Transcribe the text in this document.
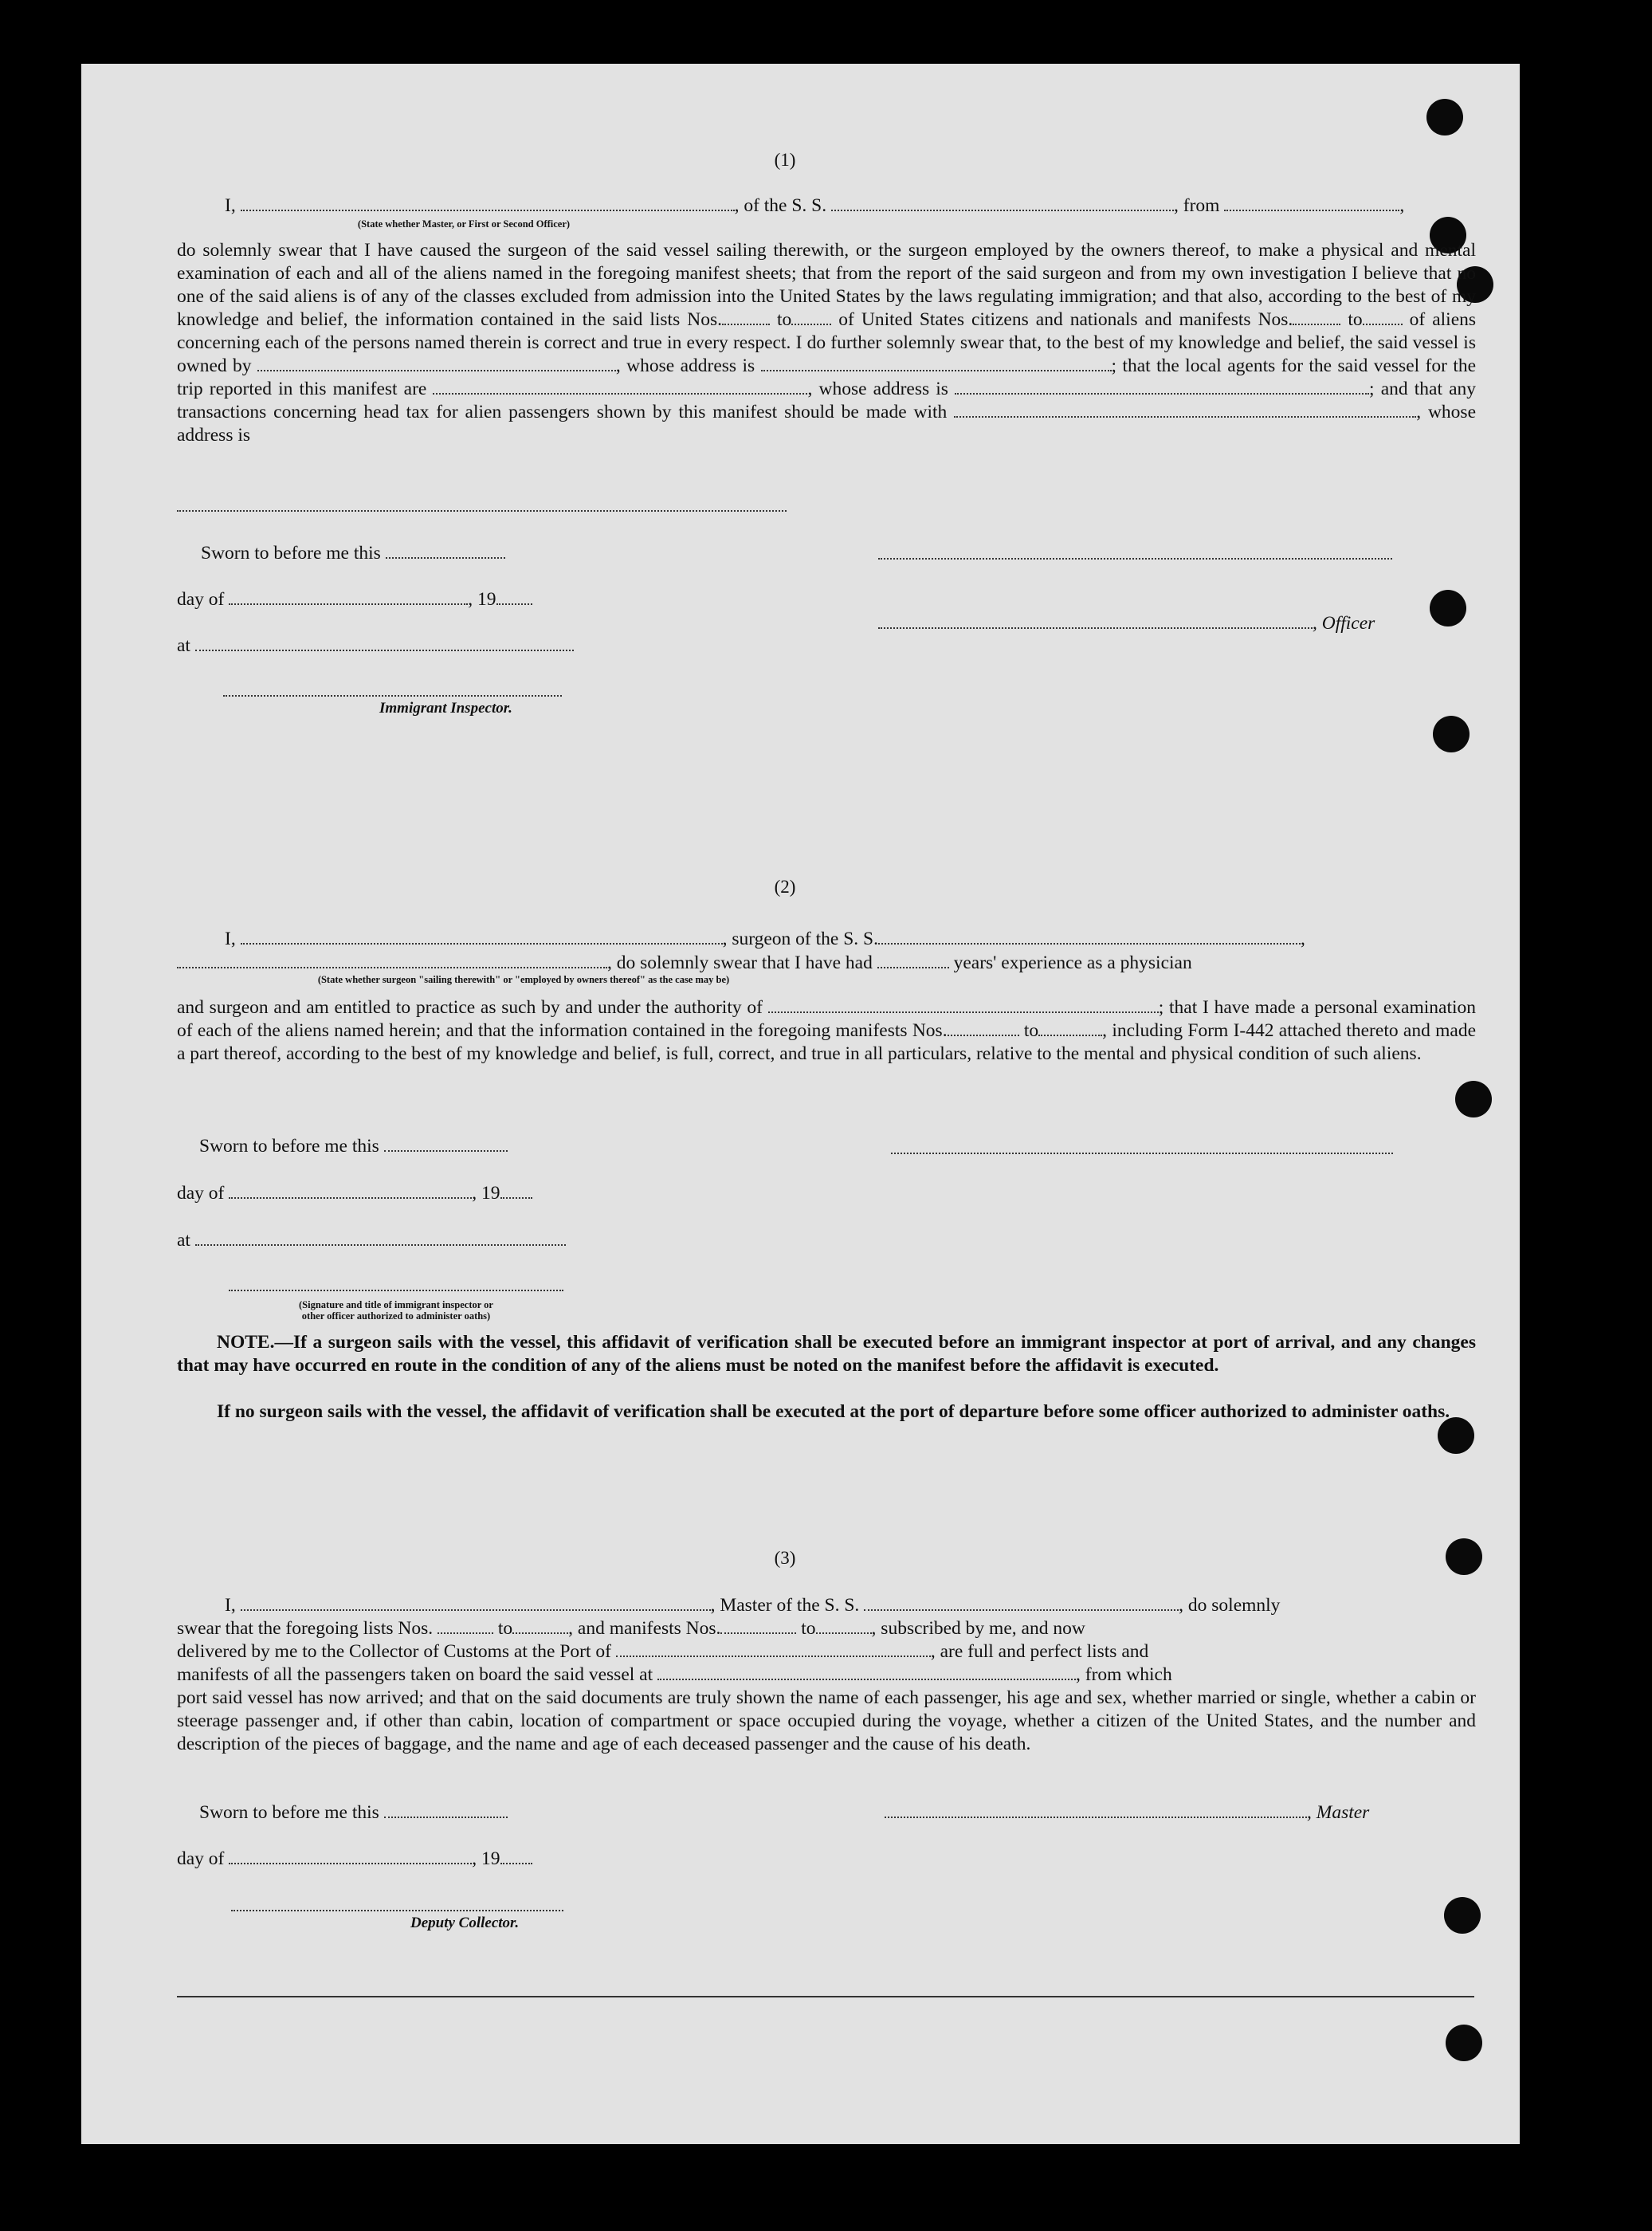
(1)
I,	, of the S. S.	, from	,
(State whether Master, or First or Second Officer)
do solemnly swear that I have caused the surgeon of the said vessel sailing therewith, or the surgeon employed by the owners thereof, to make a physical and mental examination of each and all of the aliens named in the foregoing manifest sheets; that from the report of the said surgeon and from my own investigation I believe that no one of the said aliens is of any of the classes excluded from admission into the United States by the laws regulating immigration; and that also, according to the best of my knowledge and belief, the information contained in the said lists Nos.	to	of United States citizens and nationals and manifests Nos.	to	of aliens concerning each of the persons named therein is correct and true in every respect. I do further solemnly swear that, to the best of my knowledge and belief, the said vessel is owned by	, whose address is	; that the local agents for the said vessel for the trip reported in this manifest are	, whose address is	; and that any transactions concerning head tax for alien passengers shown by this manifest should be made with	, whose address is
Sworn to before me this
day of	, 19
, Officer
at
Immigrant Inspector.
(2)
I,	, surgeon of the S. S.	,
, do solemnly swear that I have had	years' experience as a physician
(State whether surgeon "sailing therewith" or "employed by owners thereof" as the case may be)
and surgeon and am entitled to practice as such by and under the authority of	; that I have made a personal examination of each of the aliens named herein; and that the information contained in the foregoing manifests Nos.	to	, including Form I-442 attached thereto and made a part thereof, according to the best of my knowledge and belief, is full, correct, and true in all particulars, relative to the mental and physical condition of such aliens.
Sworn to before me this
day of	, 19
at
(Signature and title of immigrant inspector or
other officer authorized to administer oaths)
NOTE.—If a surgeon sails with the vessel, this affidavit of verification shall be executed before an immigrant inspector at port of arrival, and any changes that may have occurred en route in the condition of any of the aliens must be noted on the manifest before the affidavit is executed.
If no surgeon sails with the vessel, the affidavit of verification shall be executed at the port of departure before some officer authorized to administer oaths.
(3)
I,	, Master of the S. S.	, do solemnly
swear that the foregoing lists Nos.	to	, and manifests Nos.	to	, subscribed by me, and now
delivered by me to the Collector of Customs at the Port of	, are full and perfect lists and
manifests of all the passengers taken on board the said vessel at	, from which
port said vessel has now arrived; and that on the said documents are truly shown the name of each passenger, his age and sex, whether married or single, whether a cabin or steerage passenger and, if other than cabin, location of compartment or space occupied during the voyage, whether a citizen of the United States, and the number and description of the pieces of baggage, and the name and age of each deceased passenger and the cause of his death.
Sworn to before me this	, Master
day of	, 19
Deputy Collector.
